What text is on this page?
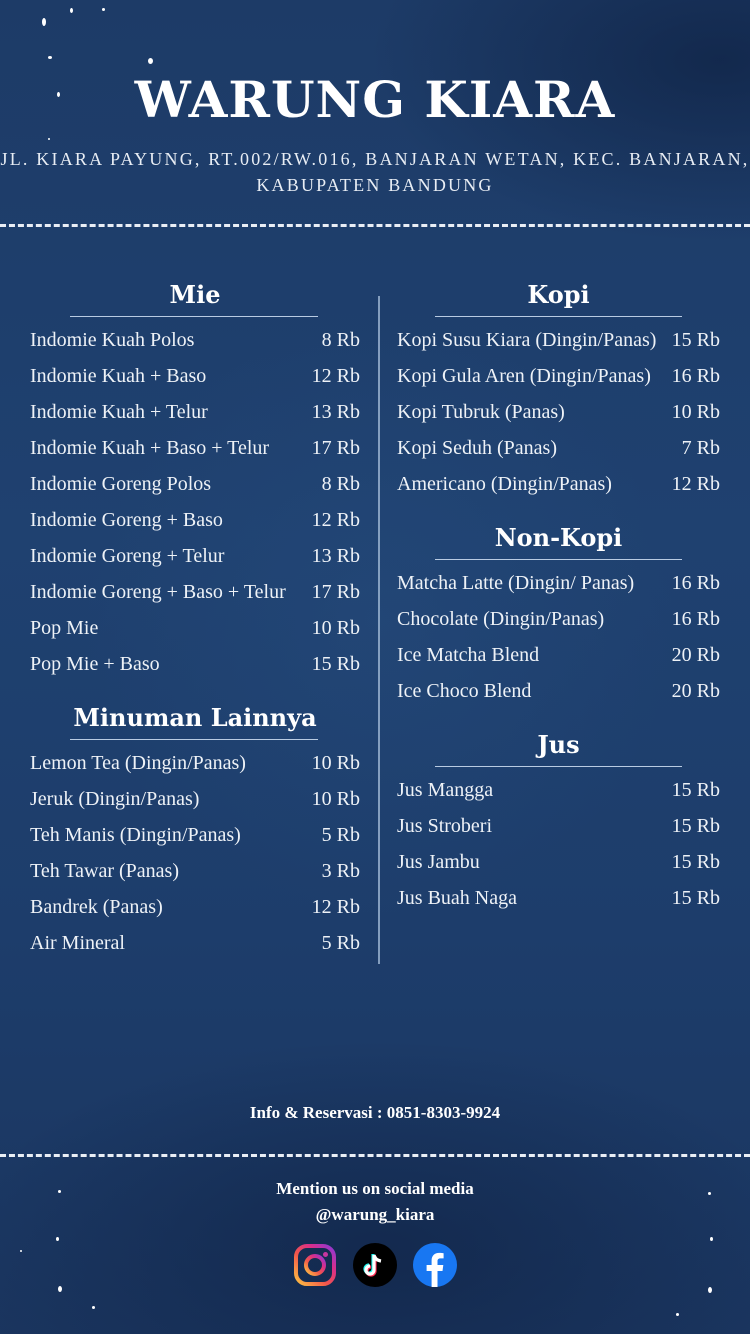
WARUNG KIARA
JL. KIARA PAYUNG, RT.002/RW.016, BANJARAN WETAN, KEC. BANJARAN,
KABUPATEN BANDUNG
Mie
Indomie Kuah Polos	8 Rb
Indomie Kuah + Baso	12 Rb
Indomie Kuah + Telur	13 Rb
Indomie Kuah + Baso + Telur 17 Rb
Indomie Goreng Polos	8 Rb
Indomie Goreng + Baso	12 Rb
Indomie Goreng + Telur	13 Rb
Indomie Goreng + Baso + Telur 17 Rb
Pop Mie	10 Rb
Pop Mie + Baso	15 Rb
Minuman Lainnya
Lemon Tea (Dingin/Panas)	10 Rb
Jeruk (Dingin/Panas)	10 Rb
Teh Manis (Dingin/Panas)	5 Rb
Teh Tawar (Panas)	3 Rb
Bandrek (Panas)	12 Rb
Air Mineral	5 Rb
Kopi
Kopi Susu Kiara (Dingin/Panas) 15 Rb
Kopi Gula Aren (Dingin/Panas) 16 Rb
Kopi Tubruk (Panas)	10 Rb
Kopi Seduh (Panas)	7 Rb
Americano (Dingin/Panas)	12 Rb
Non-Kopi
Matcha Latte (Dingin/ Panas) 16 Rb
Chocolate (Dingin/Panas)	16 Rb
Ice Matcha Blend	20 Rb
Ice Choco Blend	20 Rb
Jus
Jus Mangga	15 Rb
Jus Stroberi	15 Rb
Jus Jambu	15 Rb
Jus Buah Naga	15 Rb
Info & Reservasi : 0851-8303-9924
Mention us on social media
@warung_kiara
